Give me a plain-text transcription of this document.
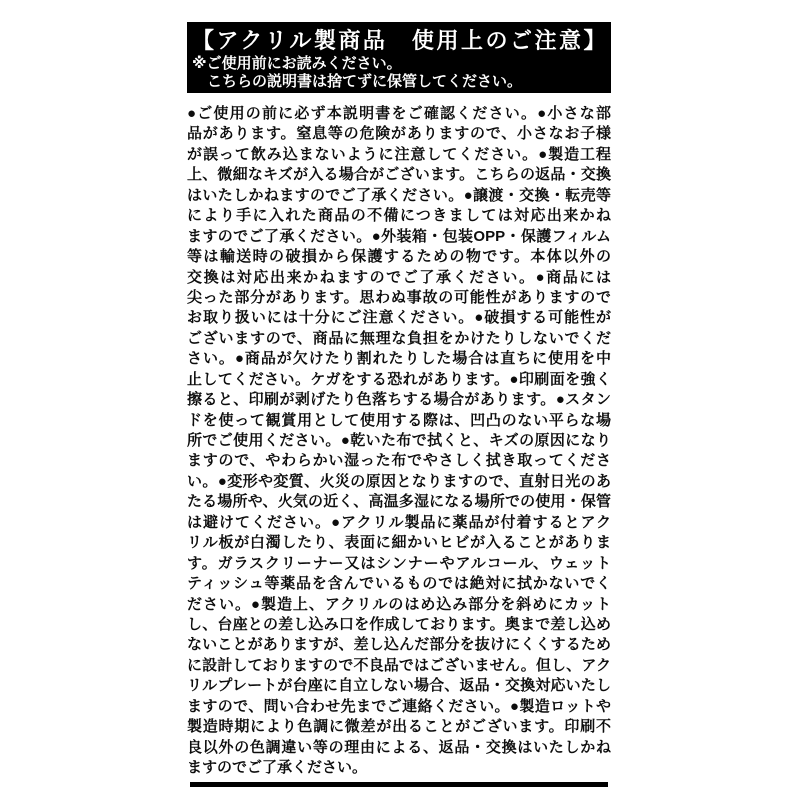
【アクリル製商品　使用上のご注意】
※ご使用前にお読みください。
こちらの説明書は捨てずに保管してください。
●ご使用の前に必ず本説明書をご確認ください。●小さな部
品があります。窒息等の危険がありますので、小さなお子様
が誤って飲み込まないように注意してください。●製造工程
上、微細なキズが入る場合がございます。こちらの返品・交換
はいたしかねますのでご了承ください。●譲渡・交換・転売等
により手に入れた商品の不備につきましては対応出来かね
ますのでご了承ください。●外装箱・包装OPP・保護フィルム
等は輸送時の破損から保護するための物です。本体以外の
交換は対応出来かねますのでご了承ください。●商品には
尖った部分があります。思わぬ事故の可能性がありますので
お取り扱いには十分にご注意ください。●破損する可能性が
ございますので、商品に無理な負担をかけたりしないでくだ
さい。●商品が欠けたり割れたりした場合は直ちに使用を中
止してください。ケガをする恐れがあります。●印刷面を強く
擦ると、印刷が剥げたり色落ちする場合があります。●スタン
ドを使って観賞用として使用する際は、凹凸のない平らな場
所でご使用ください。●乾いた布で拭くと、キズの原因になり
ますので、やわらかい湿った布でやさしく拭き取ってくださ
い。●変形や変質、火災の原因となりますので、直射日光のあ
たる場所や、火気の近く、高温多湿になる場所での使用・保管
は避けてください。●アクリル製品に薬品が付着するとアク
リル板が白濁したり、表面に細かいヒビが入ることがありま
す。ガラスクリーナー又はシンナーやアルコール、ウェット
ティッシュ等薬品を含んでいるものでは絶対に拭かないでく
ださい。●製造上、アクリルのはめ込み部分を斜めにカット
し、台座との差し込み口を作成しております。奥まで差し込め
ないことがありますが、差し込んだ部分を抜けにくくするため
に設計しておりますので不良品ではございません。但し、アク
リルプレートが台座に自立しない場合、返品・交換対応いたし
ますので、問い合わせ先までご連絡ください。●製造ロットや
製造時期により色調に微差が出ることがございます。印刷不
良以外の色調違い等の理由による、返品・交換はいたしかね
ますのでご了承ください。
